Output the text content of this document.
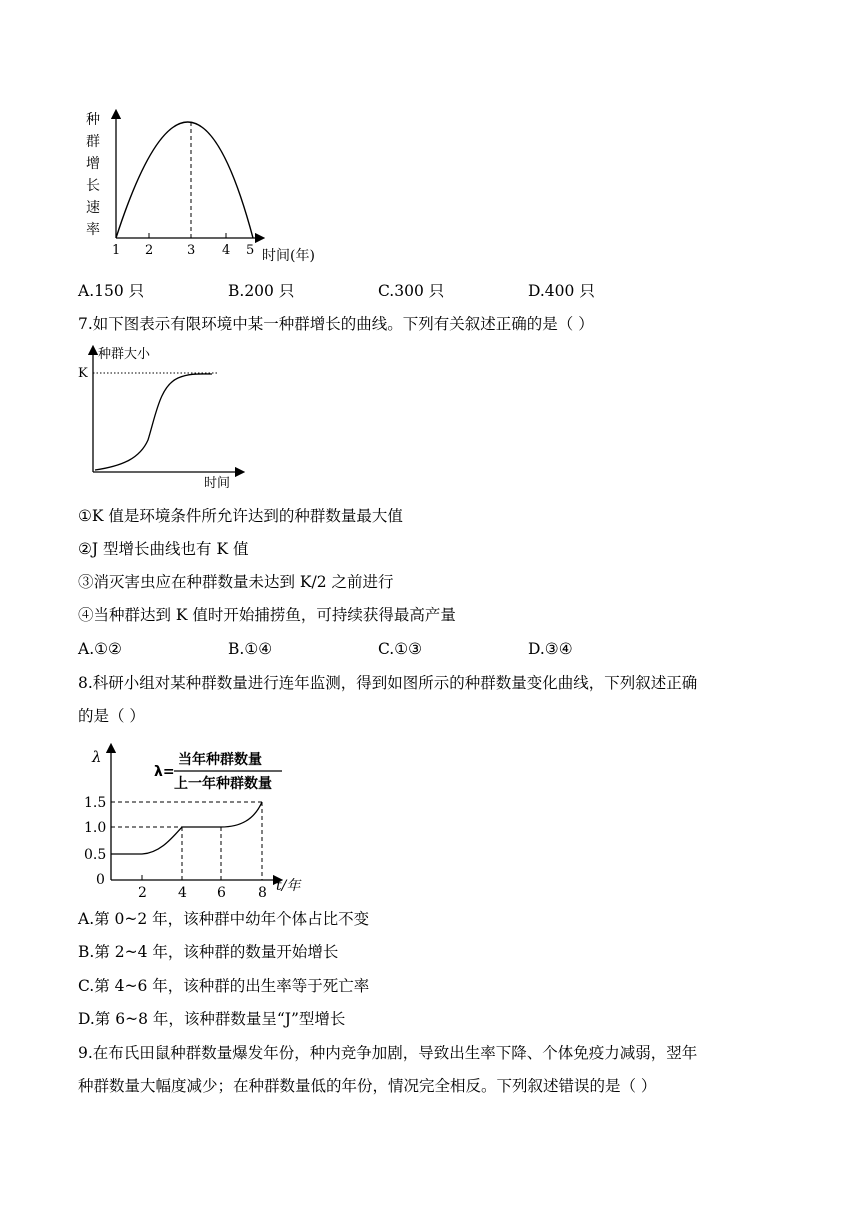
种
群
增
长
速
率
1 2	3 4 5 时间(年)
A.150 只	B.200 只	C.300 只	D.400 只
7.如下图表示有限环境中某一种群增长的曲线。下列有关叙述正确的是（ ）
种群大小
K
时间
①K 值是环境条件所允许达到的种群数量最大值
②J 型增长曲线也有 K 值
③消灭害虫应在种群数量未达到 K/2 之前进行
④当种群达到 K 值时开始捕捞鱼，可持续获得最高产量
A.①②	B.①④	C.①③	D.③④
8.科研小组对某种群数量进行连年监测，得到如图所示的种群数量变化曲线，下列叙述正确
的是（ ）
λ
λ=
当年种群数量
上一年种群数量
1.5
1.0
0.5
0
2 4 6 8 t/年
A.第 0~2 年，该种群中幼年个体占比不变
B.第 2~4 年，该种群的数量开始增长
C.第 4~6 年，该种群的出生率等于死亡率
D.第 6~8 年，该种群数量呈“J”型增长
9.在布氏田鼠种群数量爆发年份，种内竞争加剧，导致出生率下降、个体免疫力减弱，翌年
种群数量大幅度减少；在种群数量低的年份，情况完全相反。下列叙述错误的是（ ）
